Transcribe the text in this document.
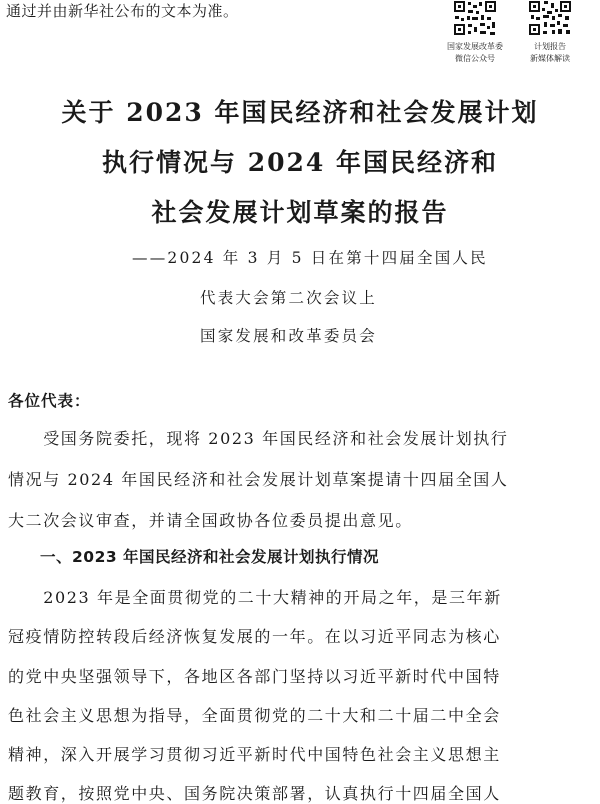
通过并由新华社公布的文本为准。
国家发展改革委
微信公众号
计划报告
新媒体解读
关于 2023 年国民经济和社会发展计划
执行情况与 2024 年国民经济和
社会发展计划草案的报告
——2024 年 3 月 5 日在第十四届全国人民
代表大会第二次会议上
国家发展和改革委员会
各位代表：
　　受国务院委托，现将 2023 年国民经济和社会发展计划执行
情况与 2024 年国民经济和社会发展计划草案提请十四届全国人
大二次会议审查，并请全国政协各位委员提出意见。
一、2023 年国民经济和社会发展计划执行情况
　　2023 年是全面贯彻党的二十大精神的开局之年，是三年新
冠疫情防控转段后经济恢复发展的一年。在以习近平同志为核心
的党中央坚强领导下，各地区各部门坚持以习近平新时代中国特
色社会主义思想为指导，全面贯彻党的二十大和二十届二中全会
精神，深入开展学习贯彻习近平新时代中国特色社会主义思想主
题教育，按照党中央、国务院决策部署，认真执行十四届全国人
